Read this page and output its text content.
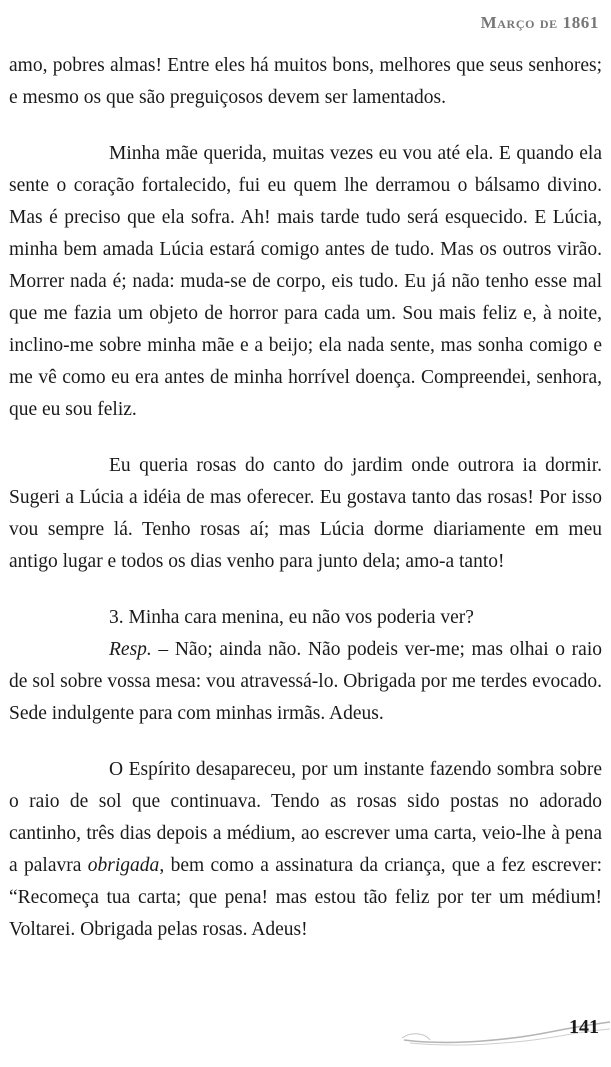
Março de 1861

amo, pobres almas! Entre eles há muitos bons, melhores que seus senhores; e mesmo os que são preguiçosos devem ser lamentados.

Minha mãe querida, muitas vezes eu vou até ela. E quando ela sente o coração fortalecido, fui eu quem lhe derramou o bálsamo divino. Mas é preciso que ela sofra. Ah! mais tarde tudo será esquecido. E Lúcia, minha bem amada Lúcia estará comigo antes de tudo. Mas os outros virão. Morrer nada é; nada: muda-se de corpo, eis tudo. Eu já não tenho esse mal que me fazia um objeto de horror para cada um. Sou mais feliz e, à noite, inclino-me sobre minha mãe e a beijo; ela nada sente, mas sonha comigo e me vê como eu era antes de minha horrível doença. Compreendei, senhora, que eu sou feliz.

Eu queria rosas do canto do jardim onde outrora ia dormir. Sugeri a Lúcia a idéia de mas oferecer. Eu gostava tanto das rosas! Por isso vou sempre lá. Tenho rosas aí; mas Lúcia dorme diariamente em meu antigo lugar e todos os dias venho para junto dela; amo-a tanto!

3. Minha cara menina, eu não vos poderia ver?

Resp. – Não; ainda não. Não podeis ver-me; mas olhai o raio de sol sobre vossa mesa: vou atravessá-lo. Obrigada por me terdes evocado. Sede indulgente para com minhas irmãs. Adeus.

O Espírito desapareceu, por um instante fazendo sombra sobre o raio de sol que continuava. Tendo as rosas sido postas no adorado cantinho, três dias depois a médium, ao escrever uma carta, veio-lhe à pena a palavra obrigada, bem como a assinatura da criança, que a fez escrever: “Recomeça tua carta; que pena! mas estou tão feliz por ter um médium! Voltarei. Obrigada pelas rosas. Adeus!

141
